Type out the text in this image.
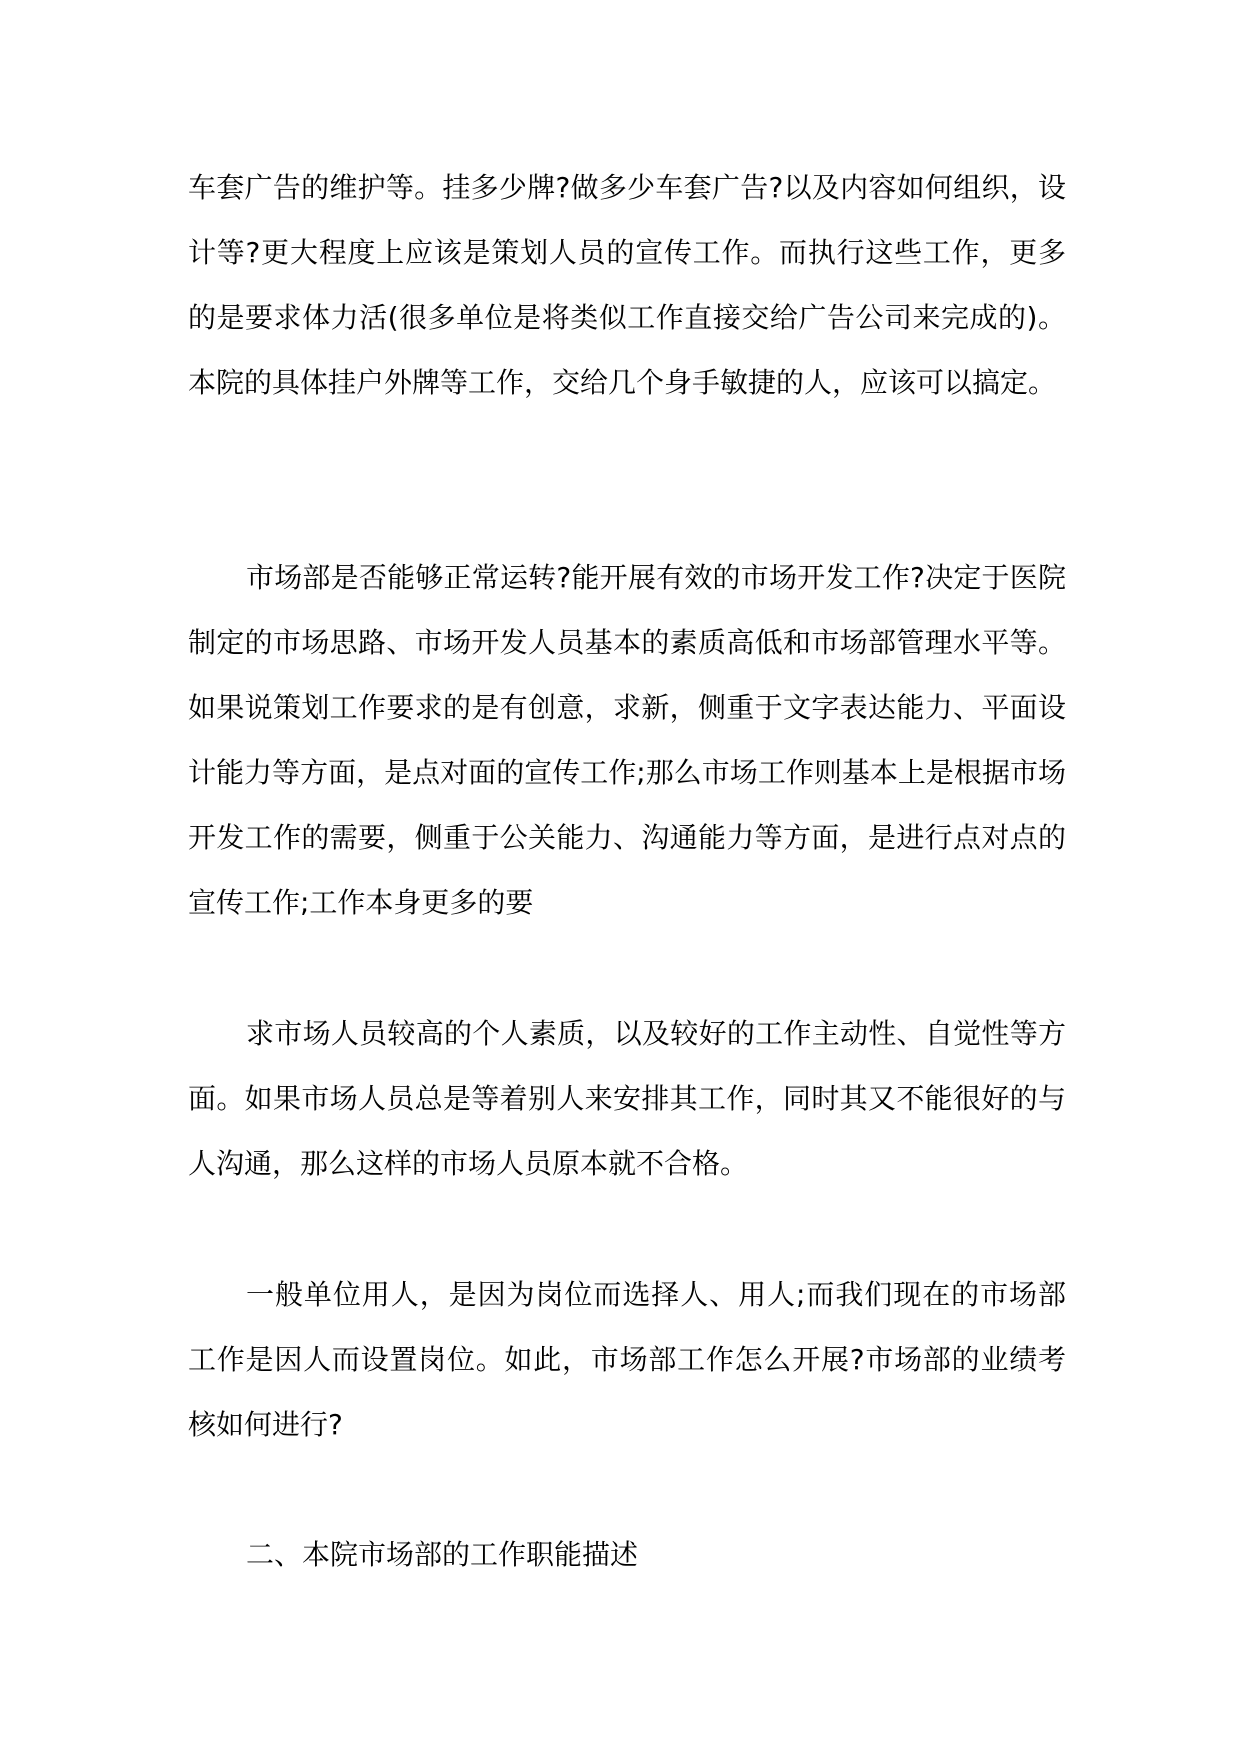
车套广告的维护等。挂多少牌?做多少车套广告?以及内容如何组织，设计等?更大程度上应该是策划人员的宣传工作。而执行这些工作，更多的是要求体力活(很多单位是将类似工作直接交给广告公司来完成的)。本院的具体挂户外牌等工作，交给几个身手敏捷的人，应该可以搞定。

市场部是否能够正常运转?能开展有效的市场开发工作?决定于医院制定的市场思路、市场开发人员基本的素质高低和市场部管理水平等。如果说策划工作要求的是有创意，求新，侧重于文字表达能力、平面设计能力等方面，是点对面的宣传工作;那么市场工作则基本上是根据市场开发工作的需要，侧重于公关能力、沟通能力等方面，是进行点对点的宣传工作;工作本身更多的要

求市场人员较高的个人素质，以及较好的工作主动性、自觉性等方面。如果市场人员总是等着别人来安排其工作，同时其又不能很好的与人沟通，那么这样的市场人员原本就不合格。

一般单位用人，是因为岗位而选择人、用人;而我们现在的市场部工作是因人而设置岗位。如此，市场部工作怎么开展?市场部的业绩考核如何进行?

二、本院市场部的工作职能描述
